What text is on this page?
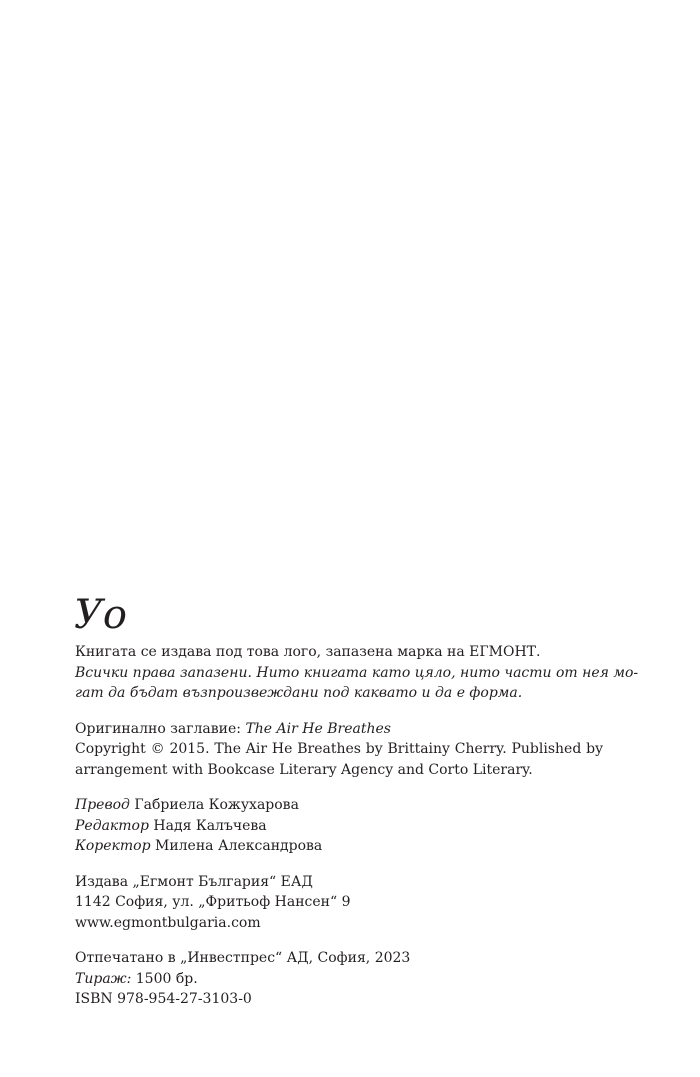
Уо
Книгата се издава под това лого, запазена марка на ЕГМОНТ.
Всички права запазени. Нито книгата като цяло, нито части от нея мо-
гат да бъдат възпроизвеждани под каквато и да е форма.
Оригинално заглавие: The Air He Breathes
Copyright © 2015. The Air He Breathes by Brittainy Cherry. Published by
arrangement with Bookcase Literary Agency and Corto Literary.
Превод Габриела Кожухарова
Редактор Надя Калъчева
Коректор Милена Александрова
Издава „Егмонт България“ ЕАД
1142 София, ул. „Фритьоф Нансен“ 9
www.egmontbulgaria.com
Отпечатано в „Инвестпрес“ АД, София, 2023
Тираж: 1500 бр.
ISBN 978-954-27-3103-0
